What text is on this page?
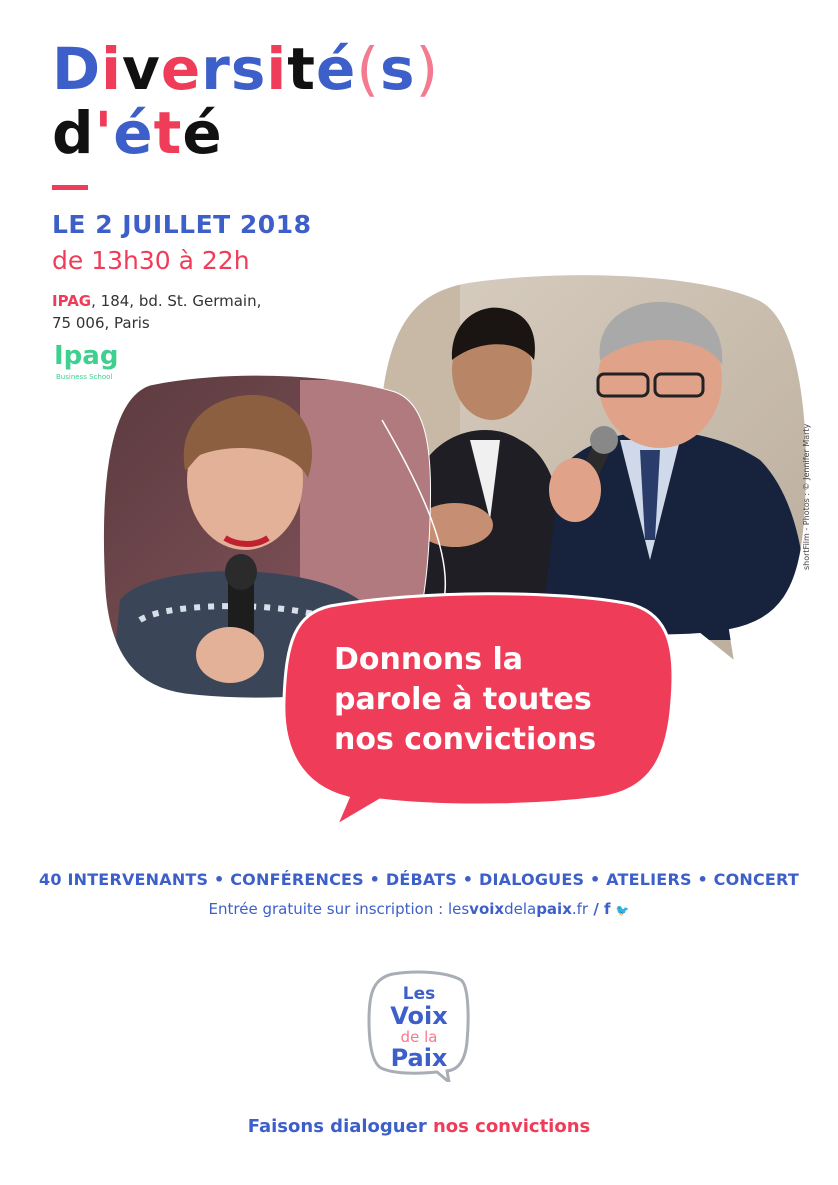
Diversité(s)
d'été
LE 2 JUILLET 2018
de 13h30 à 22h
IPAG, 184, bd. St. Germain,
75 006, Paris
Ipag
Business School
shortFilm - Photos : © Jennifer Marty
Donnons la
parole à toutes
nos convictions
40 INTERVENANTS • CONFÉRENCES • DÉBATS • DIALOGUES • ATELIERS • CONCERT
Entrée gratuite sur inscription : lesvoixdelapaix.fr / f 🐦
Les
Voix
de la
Paix
Faisons dialoguer nos convictions
